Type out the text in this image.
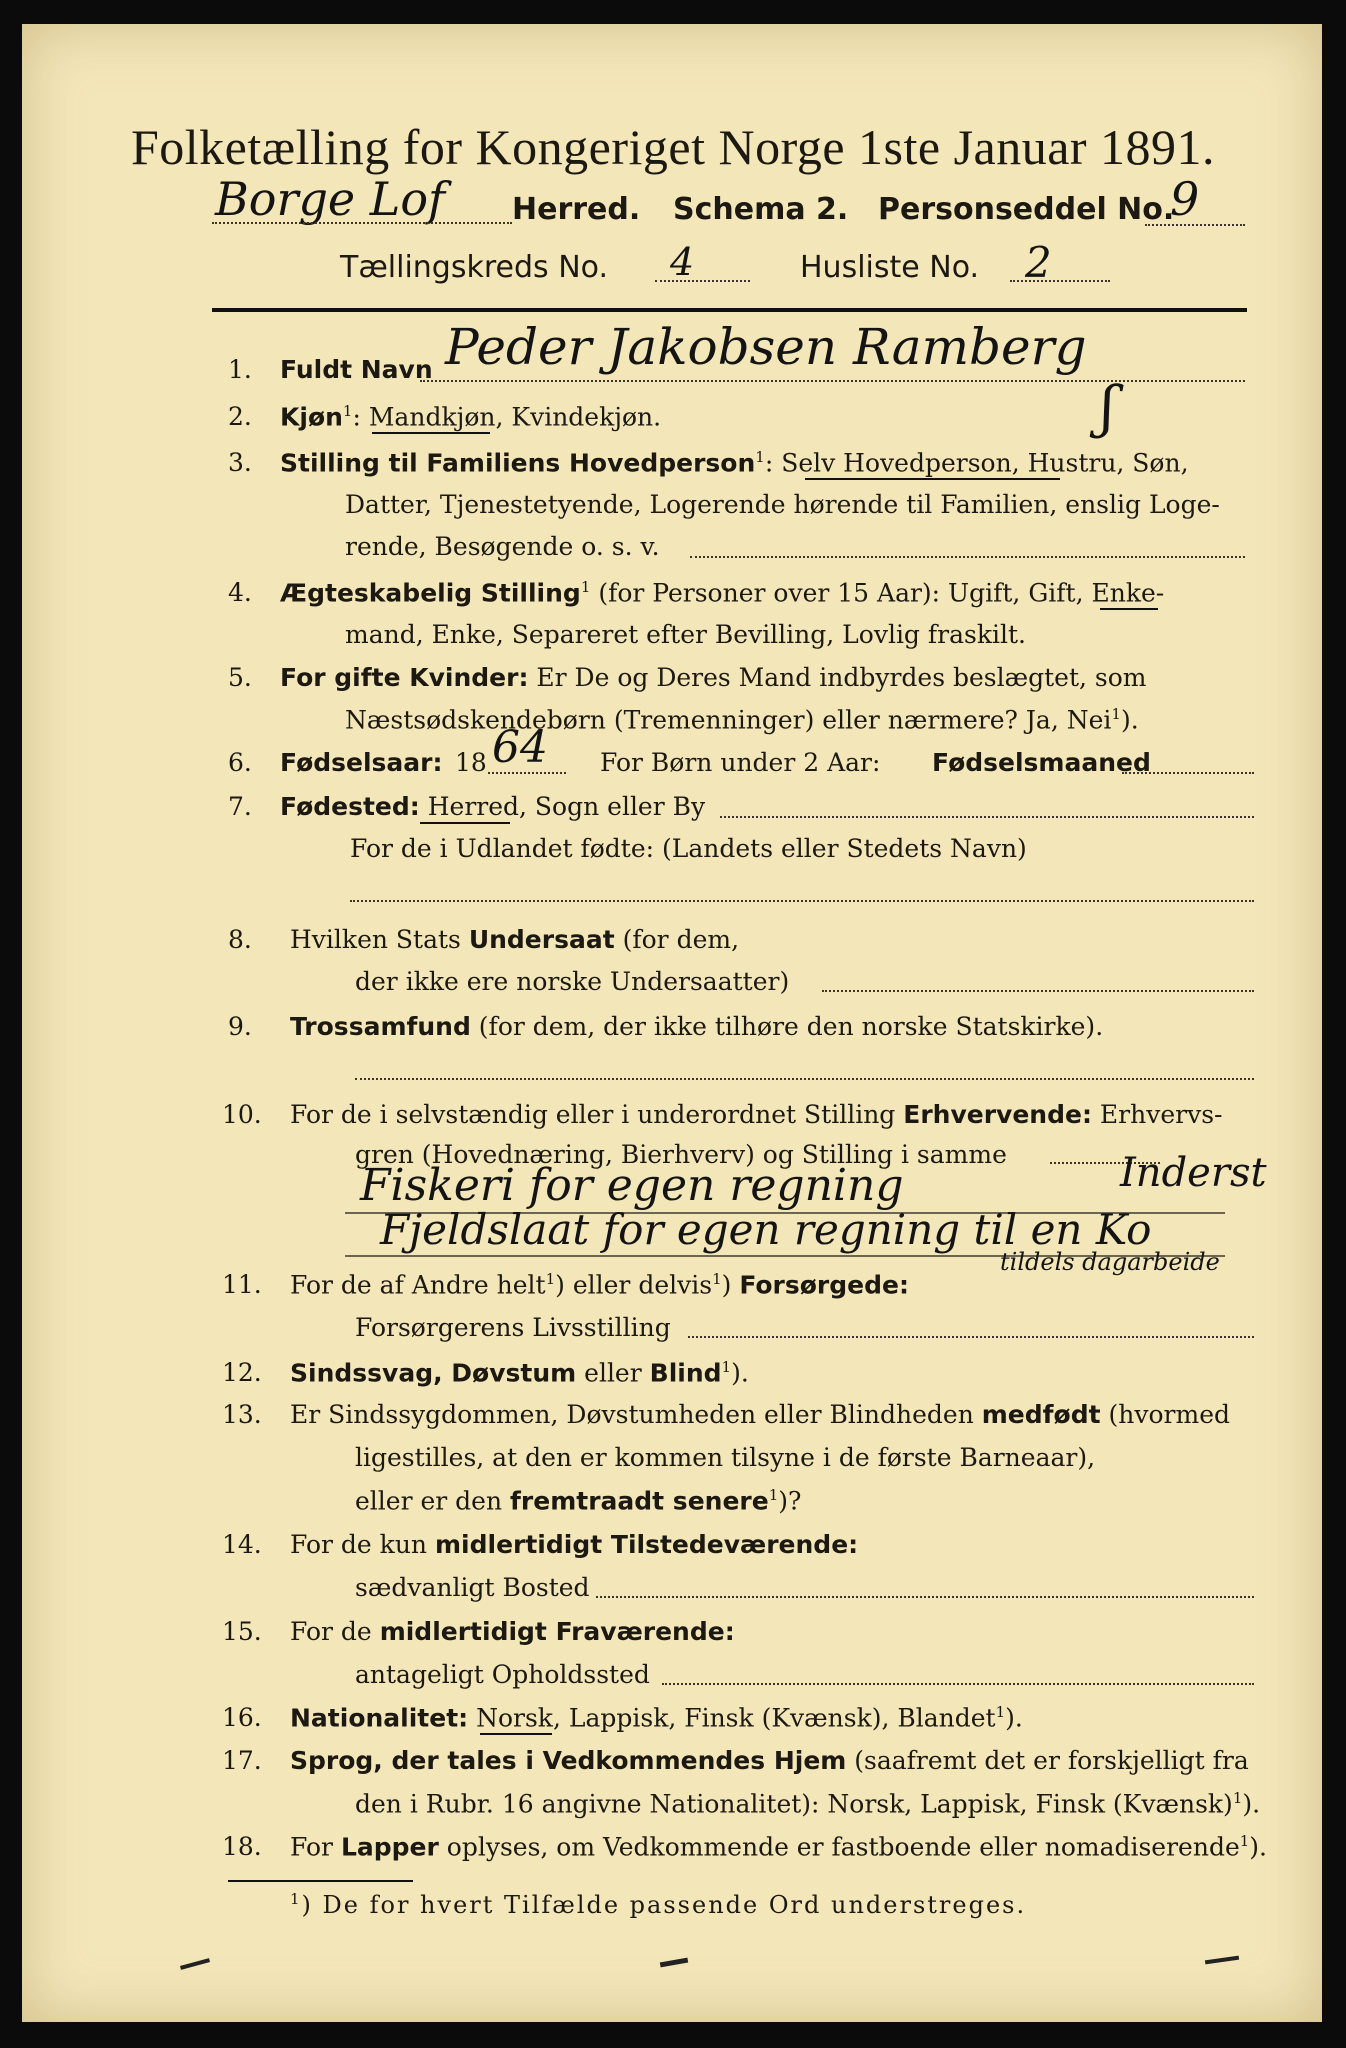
Folketælling for Kongeriget Norge 1ste Januar 1891.
Borge Lof Herred. Schema 2. Personseddel No.
9
Tællingskreds No. 4	Husliste No. 2
1. Fuldt Navn Peder Jakobsen Ramberg
2. Kjøn$^1$: Mandkjøn, Kvindekjøn.	ʃ
3. Stilling til Familiens Hovedperson$^1$: Selv Hovedperson, Hustru, Søn,
Datter, Tjenestetyende, Logerende hørende til Familien, enslig Loge-
rende, Besøgende o. s. v.
4. Ægteskabelig Stilling$^1$ (for Personer over 15 Aar): Ugift, Gift, Enke-
mand, Enke, Separeret efter Bevilling, Lovlig fraskilt.
5. For gifte Kvinder: Er De og Deres Mand indbyrdes beslægtet, som
Næstsødskendebørn (Tremenninger) eller nærmere? Ja, Nei$^1$).
6. Fødselsaar: 18 64 For Børn under 2 Aar: Fødselsmaaned
7. Fødested: Herred, Sogn eller By
For de i Udlandet fødte: (Landets eller Stedets Navn)
8. Hvilken Stats Undersaat (for dem,
der ikke ere norske Undersaatter)
9. Trossamfund (for dem, der ikke tilhøre den norske Statskirke).
10. For de i selvstændig eller i underordnet Stilling Erhvervende: Erhvervs-
gren (Hovednæring, Bierhverv) og Stilling i samme
Fiskeri for egen regning	Inderst
Fjeldslaat for egen regning til en Ko
11. For de af Andre helt$^1$) eller delvis$^1$) Forsørgede:
tildels dagarbeide
Forsørgerens Livsstilling
12. Sindssvag, Døvstum eller Blind$^1$).
13. Er Sindssygdommen, Døvstumheden eller Blindheden medfødt (hvormed
ligestilles, at den er kommen tilsyne i de første Barneaar),
eller er den fremtraadt senere$^1$)?
14. For de kun midlertidigt Tilstedeværende:
sædvanligt Bosted
15. For de midlertidigt Fraværende:
antageligt Opholdssted
16. Nationalitet: Norsk, Lappisk, Finsk (Kvænsk), Blandet$^1$).
17. Sprog, der tales i Vedkommendes Hjem (saafremt det er forskjelligt fra
den i Rubr. 16 angivne Nationalitet): Norsk, Lappisk, Finsk (Kvænsk)$^1$).
18. For Lapper oplyses, om Vedkommende er fastboende eller nomadiserende$^1$).
$^1$) De for hvert Tilfælde passende Ord understreges.
